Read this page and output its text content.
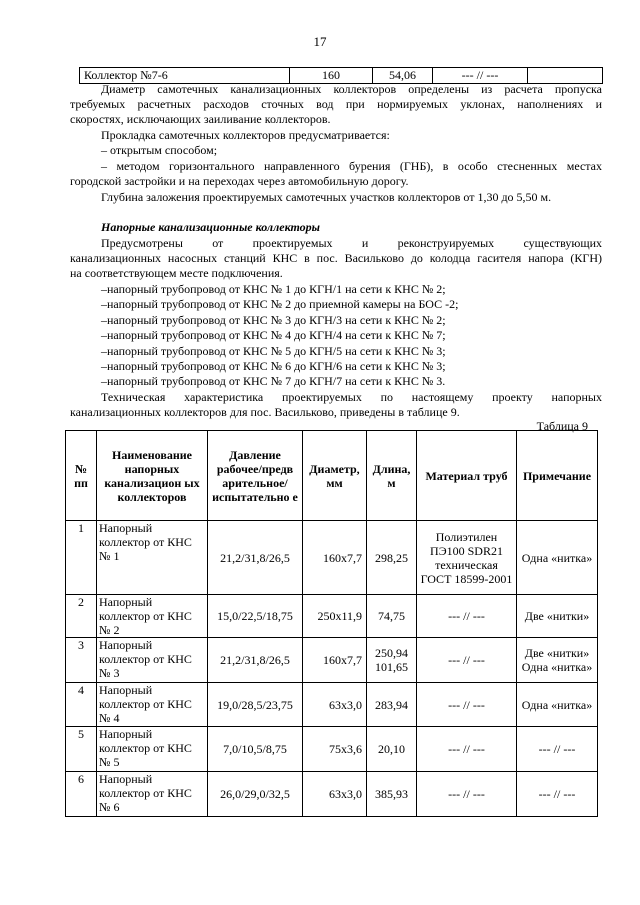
17
Коллектор №7-6	160	54,06	--- // ---	
Диаметр самотечных канализационных коллекторов определены из расчета пропуска
требуемых расчетных расходов сточных вод при нормируемых уклонах, наполнениях и
скоростях, исключающих заиливание коллекторов.
Прокладка самотечных коллекторов предусматривается:
– открытым способом;
– методом горизонтального направленного бурения (ГНБ), в особо стесненных местах
городской застройки и на переходах через автомобильную дорогу.
Глубина заложения проектируемых самотечных участков коллекторов от 1,30 до 5,50 м.
Напорные канализационные коллекторы
Предусмотрены от проектируемых и реконструируемых существующих
канализационных насосных станций КНС в пос. Васильково до колодца гасителя напора (КГН)
на соответствующем месте подключения.
–напорный трубопровод от КНС № 1 до КГН/1 на сети к КНС № 2;
–напорный трубопровод от КНС № 2 до приемной камеры на БОС -2;
–напорный трубопровод от КНС № 3 до КГН/3 на сети к КНС № 2;
–напорный трубопровод от КНС № 4 до КГН/4 на сети к КНС № 7;
–напорный трубопровод от КНС № 5 до КГН/5 на сети к КНС № 3;
–напорный трубопровод от КНС № 6 до КГН/6 на сети к КНС № 3;
–напорный трубопровод от КНС № 7 до КГН/7 на сети к КНС № 3.
Техническая характеристика проектируемых по настоящему проекту напорных
канализационных коллекторов для пос. Васильково, приведены в таблице 9.
Таблица 9
№ пп	Наименование напорных канализацион ых коллекторов	Давление рабочее/предв арительное/ испытательно е	Диаметр, мм	Длина, м	Материал труб	Примечание
1	Напорный коллектор от КНС № 1	21,2/31,8/26,5	160x7,7	298,25	Полиэтилен ПЭ100 SDR21 техническая ГОСТ 18599-2001	Одна «нитка»
2	Напорный коллектор от КНС № 2	15,0/22,5/18,75	250x11,9	74,75	--- // ---	Две «нитки»
3	Напорный коллектор от КНС № 3	21,2/31,8/26,5	160x7,7	250,94 101,65	--- // ---	Две «нитки» Одна «нитка»
4	Напорный коллектор от КНС № 4	19,0/28,5/23,75	63x3,0	283,94	--- // ---	Одна «нитка»
5	Напорный коллектор от КНС № 5	7,0/10,5/8,75	75x3,6	20,10	--- // ---	--- // ---
6	Напорный коллектор от КНС № 6	26,0/29,0/32,5	63x3,0	385,93	--- // ---	--- // ---
